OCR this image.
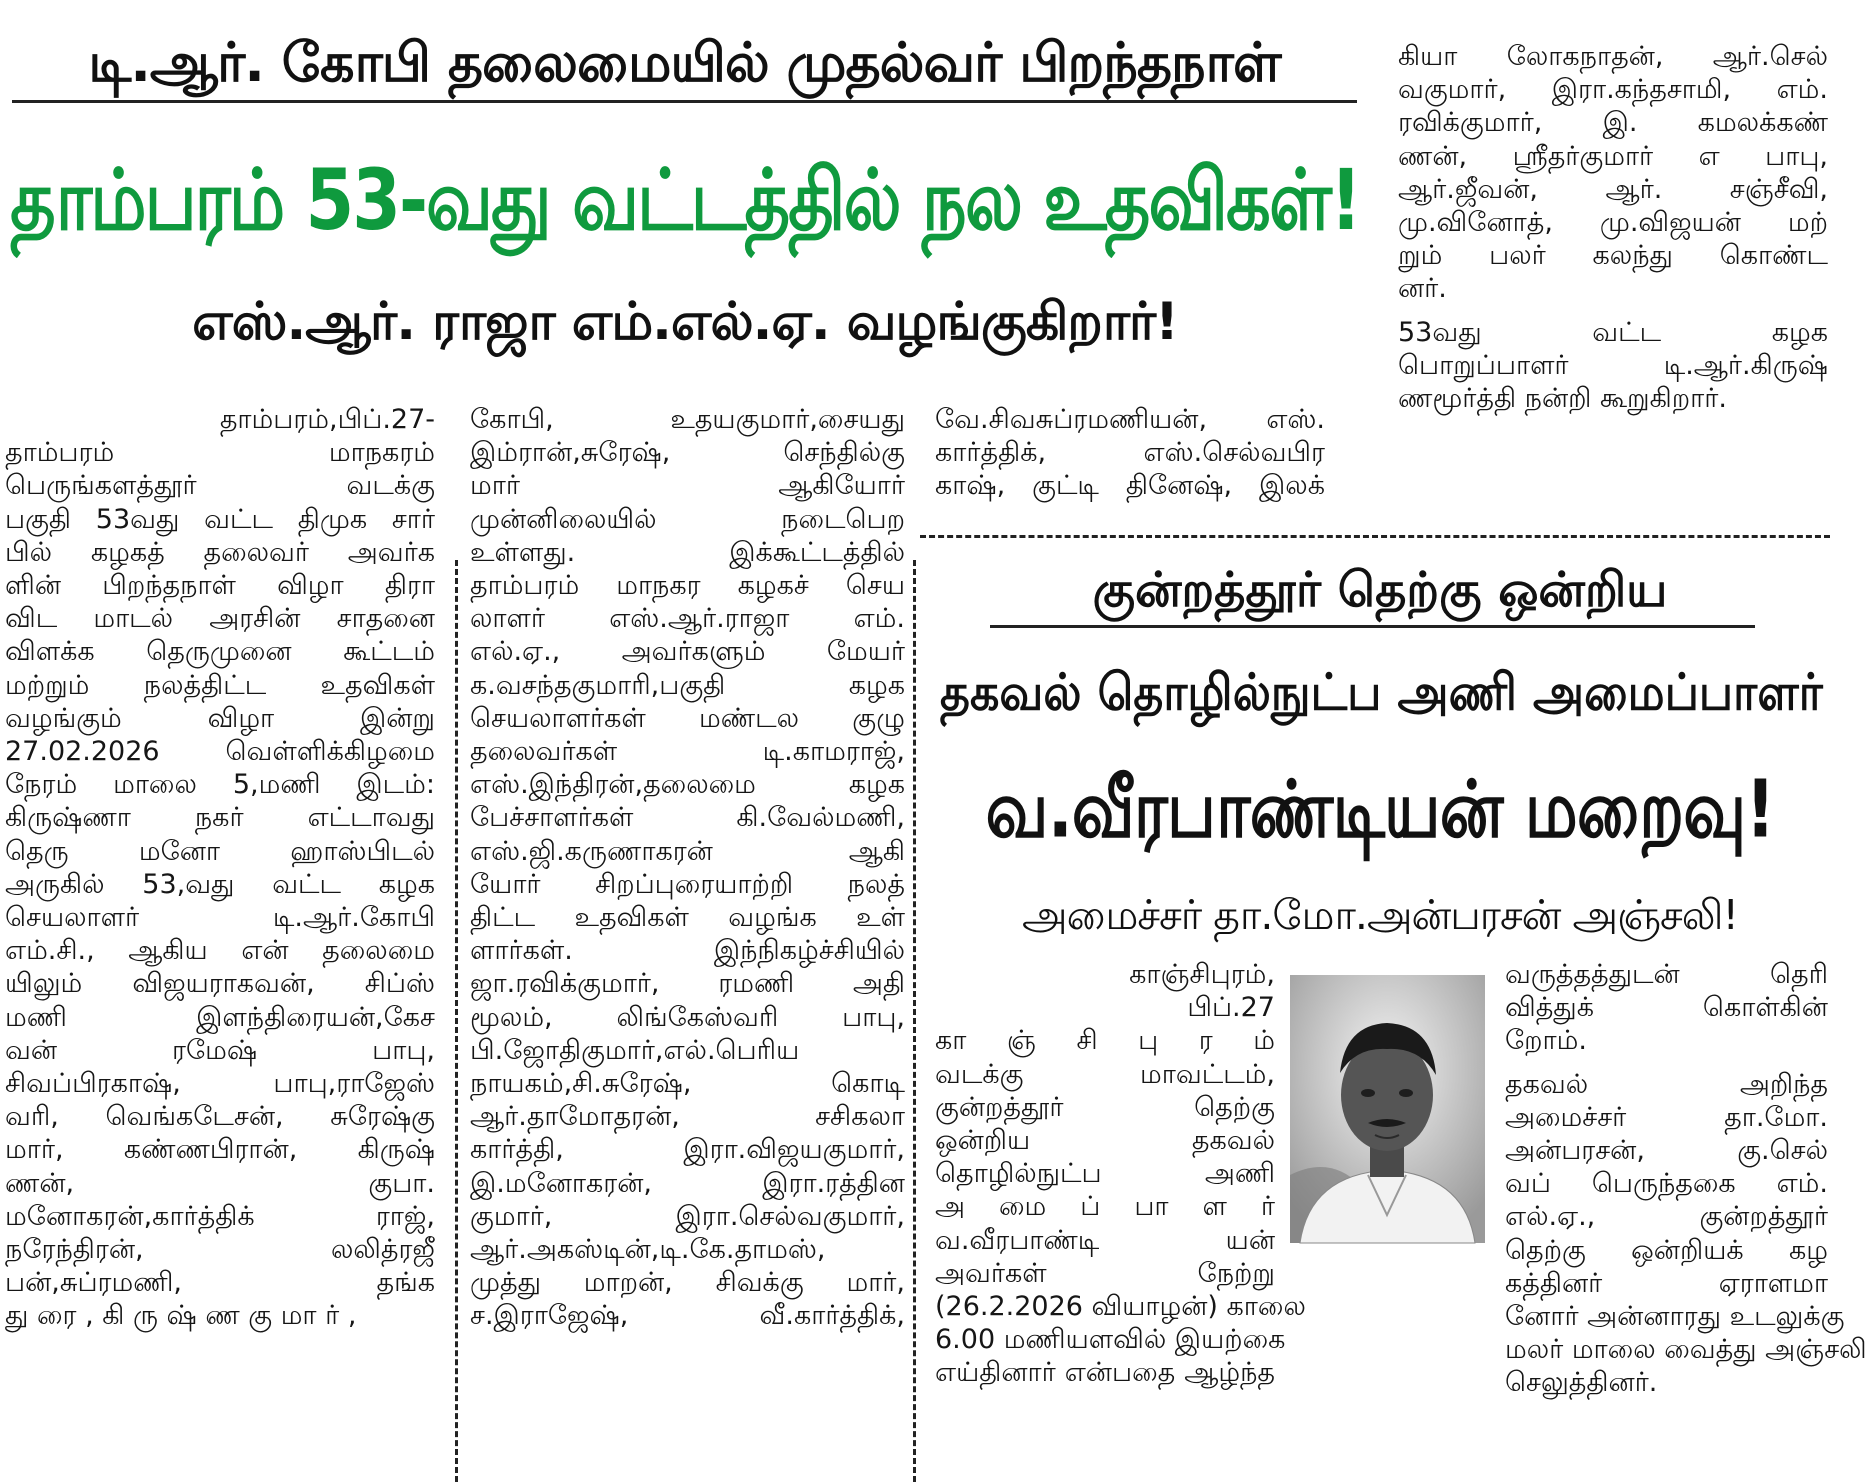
டி.ஆர். கோபி தலைமையில் முதல்வர் பிறந்தநாள்
தாம்பரம் 53-வது வட்டத்தில் நல உதவிகள்!
எஸ்.ஆர். ராஜா எம்.எல்.ஏ. வழங்குகிறார்!
தாம்பரம்,பிப்.27-
தாம்பரம் மாநகரம்
பெருங்களத்தூர் வடக்கு
பகுதி 53வது வட்ட திமுக சார்
பில் கழகத் தலைவர் அவர்க
ளின் பிறந்தநாள் விழா திரா
விட மாடல் அரசின் சாதனை
விளக்க தெருமுனை கூட்டம்
மற்றும் நலத்திட்ட உதவிகள்
வழங்கும் விழா இன்று
27.02.2026 வெள்ளிக்கிழமை
நேரம் மாலை 5,மணி இடம்:
கிருஷ்ணா நகர் எட்டாவது
தெரு மனோ ஹாஸ்பிடல்
அருகில் 53,வது வட்ட கழக
செயலாளர் டி.ஆர்.கோபி
எம்.சி., ஆகிய என் தலைமை
யிலும் விஜயராகவன், சிப்ஸ்
மணி இளந்திரையன்,கேச
வன் ரமேஷ் பாபு,
சிவப்பிரகாஷ், பாபு,ராஜேஸ்
வரி, வெங்கடேசன், சுரேஷ்கு
மார், கண்ணபிரான், கிருஷ்
ணன், குபா.
மனோகரன்,கார்த்திக் ராஜ்,
நரேந்திரன், லலித்ரஜீ
பன்,சுப்ரமணி, தங்க
து ரை , கி ரு ஷ் ண கு மா ர் ,
கோபி, உதயகுமார்,சையது
இம்ரான்,சுரேஷ், செந்தில்கு
மார் ஆகியோர்
முன்னிலையில் நடைபெற
உள்ளது. இக்கூட்டத்தில்
தாம்பரம் மாநகர கழகச் செய
லாளர் எஸ்.ஆர்.ராஜா எம்.
எல்.ஏ., அவர்களும் மேயர்
க.வசந்தகுமாரி,பகுதி கழக
செயலாளர்கள் மண்டல குழு
தலைவர்கள் டி.காமராஜ்,
எஸ்.இந்திரன்,தலைமை கழக
பேச்சாளர்கள் கி.வேல்மணி,
எஸ்.ஜி.கருணாகரன் ஆகி
யோர் சிறப்புரையாற்றி நலத்
திட்ட உதவிகள் வழங்க உள்
ளார்கள். இந்நிகழ்ச்சியில்
ஜா.ரவிக்குமார், ரமணி அதி
மூலம், லிங்கேஸ்வரி பாபு,
பி.ஜோதிகுமார்,எல்.பெரிய
நாயகம்,சி.சுரேஷ், கொடி
ஆர்.தாமோதரன், சசிகலா
கார்த்தி, இரா.விஜயகுமார்,
இ.மனோகரன், இரா.ரத்தின
குமார், இரா.செல்வகுமார்,
ஆர்.அகஸ்டின்,டி.கே.தாமஸ்,
முத்து மாறன், சிவக்கு மார்,
ச.இராஜேஷ், வீ.கார்த்திக்,
வே.சிவசுப்ரமணியன், எஸ்.
கார்த்திக், எஸ்.செல்வபிர
காஷ், குட்டி தினேஷ், இலக்
கியா லோகநாதன், ஆர்.செல்
வகுமார், இரா.கந்தசாமி, எம்.
ரவிக்குமார், இ. கமலக்கண்
ணன், ஸ்ரீதர்குமார் எ பாபு,
ஆர்.ஜீவன், ஆர். சஞ்சீவி,
மு.வினோத், மு.விஜயன் மற்
றும் பலர் கலந்து கொண்ட
னர்.
53வது வட்ட கழக
பொறுப்பாளர் டி.ஆர்.கிருஷ்
ணமூர்த்தி நன்றி கூறுகிறார்.
குன்றத்தூர் தெற்கு ஒன்றிய
தகவல் தொழில்நுட்ப அணி அமைப்பாளர்
வ.வீரபாண்டியன் மறைவு!
அமைச்சர் தா.மோ.அன்பரசன் அஞ்சலி!
காஞ்சிபுரம்,
பிப்.27
கா ஞ் சி பு ர ம்
வடக்கு மாவட்டம்,
குன்றத்தூர் தெற்கு
ஒன்றிய தகவல்
தொழில்நுட்ப அணி
அ மை ப் பா ள ர்
வ.வீரபாண்டி யன்
அவர்கள் நேற்று
(26.2.2026 வியாழன்) காலை
6.00 மணியளவில் இயற்கை
எய்தினார் என்பதை ஆழ்ந்த
வருத்தத்துடன் தெரி
வித்துக் கொள்கின்
றோம்.
தகவல் அறிந்த
அமைச்சர் தா.மோ.
அன்பரசன், கு.செல்
வப் பெருந்தகை எம்.
எல்.ஏ., குன்றத்தூர்
தெற்கு ஒன்றியக் கழ
கத்தினர் ஏராளமா
னோர் அன்னாரது உடலுக்கு
மலர் மாலை வைத்து அஞ்சலி
செலுத்தினர்.
